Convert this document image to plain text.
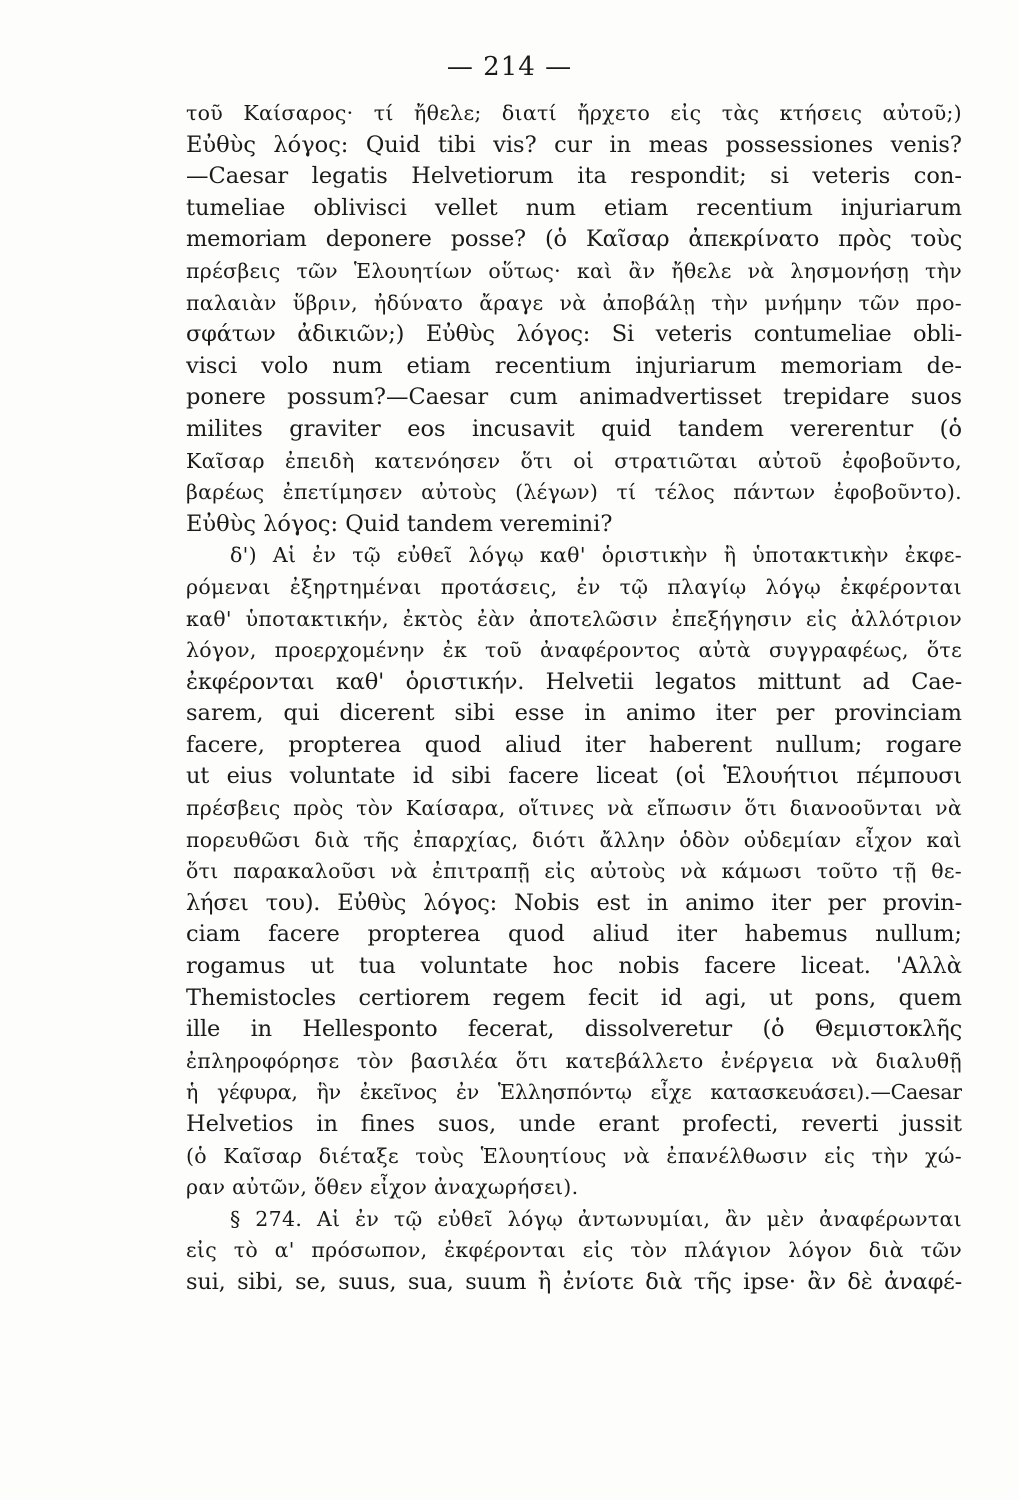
— 214 —
τοῦ Καίσαρος· τί ἤθελε; διατί ἤρχετο εἰς τὰς κτήσεις αὐτοῦ;)
Εὐθὺς λόγος: Quid tibi vis? cur in meas possessiones venis?
—Caesar legatis Helvetiorum ita respondit; si veteris con-
tumeliae oblivisci vellet num etiam recentium injuriarum
memoriam deponere posse? (ὁ Καῖσαρ ἀπεκρίνατο πρὸς τοὺς
πρέσβεις τῶν Ἑλουητίων οὕτως· καὶ ἂν ἤθελε νὰ λησμονήσῃ τὴν
παλαιὰν ὕβριν, ἠδύνατο ἄραγε νὰ ἀποβάλῃ τὴν μνήμην τῶν προ-
σφάτων ἀδικιῶν;) Εὐθὺς λόγος: Si veteris contumeliae obli-
visci volo num etiam recentium injuriarum memoriam de-
ponere possum?—Caesar cum animadvertisset trepidare suos
milites graviter eos incusavit quid tandem vererentur (ὁ
Καῖσαρ ἐπειδὴ κατενόησεν ὅτι οἱ στρατιῶται αὐτοῦ ἐφοβοῦντο,
βαρέως ἐπετίμησεν αὐτοὺς (λέγων) τί τέλος πάντων ἐφοβοῦντο).
Εὐθὺς λόγος: Quid tandem veremini?
δ') Αἱ ἐν τῷ εὐθεῖ λόγῳ καθ' ὁριστικὴν ἢ ὑποτακτικὴν ἐκφε-
ρόμεναι ἐξηρτημέναι προτάσεις, ἐν τῷ πλαγίῳ λόγῳ ἐκφέρονται
καθ' ὑποτακτικήν, ἐκτὸς ἐὰν ἀποτελῶσιν ἐπεξήγησιν εἰς ἀλλότριον
λόγον, προερχομένην ἐκ τοῦ ἀναφέροντος αὐτὰ συγγραφέως, ὅτε
ἐκφέρονται καθ' ὁριστικήν. Helvetii legatos mittunt ad Cae-
sarem, qui dicerent sibi esse in animo iter per provinciam
facere, propterea quod aliud iter haberent nullum; rogare
ut eius voluntate id sibi facere liceat (οἱ Ἑλουήτιοι πέμπουσι
πρέσβεις πρὸς τὸν Καίσαρα, οἵτινες νὰ εἴπωσιν ὅτι διανοοῦνται νὰ
πορευθῶσι διὰ τῆς ἐπαρχίας, διότι ἄλλην ὁδὸν οὐδεμίαν εἶχον καὶ
ὅτι παρακαλοῦσι νὰ ἐπιτραπῇ εἰς αὐτοὺς νὰ κάμωσι τοῦτο τῇ θε-
λήσει του). Εὐθὺς λόγος: Nobis est in animo iter per provin-
ciam facere propterea quod aliud iter habemus nullum;
rogamus ut tua voluntate hoc nobis facere liceat. 'Αλλὰ
Themistocles certiorem regem fecit id agi, ut pons, quem
ille in Hellesponto fecerat, dissolveretur (ὁ Θεμιστοκλῆς
ἐπληροφόρησε τὸν βασιλέα ὅτι κατεβάλλετο ἐνέργεια νὰ διαλυθῇ
ἡ γέφυρα, ἣν ἐκεῖνος ἐν Ἑλλησπόντῳ εἶχε κατασκευάσει).—Caesar
Helvetios in fines suos, unde erant profecti, reverti jussit
(ὁ Καῖσαρ διέταξε τοὺς Ἑλουητίους νὰ ἐπανέλθωσιν εἰς τὴν χώ-
ραν αὐτῶν, ὅθεν εἶχον ἀναχωρήσει).
§ 274. Αἱ ἐν τῷ εὐθεῖ λόγῳ ἀντωνυμίαι, ἂν μὲν ἀναφέρωνται
εἰς τὸ α' πρόσωπον, ἐκφέρονται εἰς τὸν πλάγιον λόγον διὰ τῶν
sui, sibi, se, suus, sua, suum ἢ ἐνίοτε διὰ τῆς ipse· ἂν δὲ ἀναφέ-
